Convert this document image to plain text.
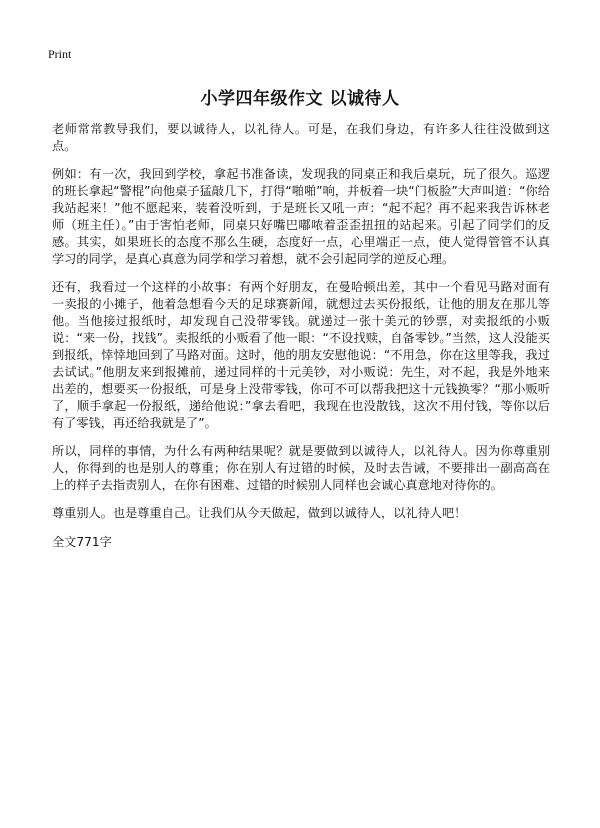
Print
小学四年级作文 以诚待人

老师常常教导我们，要以诚待人，以礼待人。可是，在我们身边，有许多人往往没做到这点。

例如：有一次，我回到学校，拿起书准备读，发现我的同桌正和我后桌玩，玩了很久。巡逻的班长拿起“警棍”向他桌子猛敲几下，打得“啪啪”响，并板着一块“门板脸”大声叫道：“你给我站起来！”他不愿起来，装着没听到，于是班长又吼一声：“起不起？再不起来我告诉林老师（班主任）。”由于害怕老师，同桌只好嘴巴嘟哝着歪歪扭扭的站起来。引起了同学们的反感。其实，如果班长的态度不那么生硬，态度好一点，心里端正一点，使人觉得管管不认真学习的同学，是真心真意为同学和学习着想，就不会引起同学的逆反心理。

还有，我看过一个这样的小故事：有两个好朋友，在曼哈顿出差，其中一个看见马路对面有一卖报的小摊子，他着急想看今天的足球赛新闻，就想过去买份报纸，让他的朋友在那儿等他。当他接过报纸时，却发现自己没带零钱。就递过一张十美元的钞票，对卖报纸的小贩说：“来一份，找钱”。卖报纸的小贩看了他一眼：“不设找赎，自备零钞。”当然，这人没能买到报纸，悻悻地回到了马路对面。这时，他的朋友安慰他说：“不用急，你在这里等我，我过去试试。”他朋友来到报摊前，递过同样的十元美钞，对小贩说：先生，对不起，我是外地来出差的，想要买一份报纸，可是身上没带零钱，你可不可以帮我把这十元钱换零？“那小贩听了，顺手拿起一份报纸，递给他说：”拿去看吧，我现在也没散钱，这次不用付钱，等你以后有了零钱，再还给我就是了”。

所以，同样的事情，为什么有两种结果呢？就是要做到以诚待人，以礼待人。因为你尊重别人，你得到的也是别人的尊重；你在别人有过错的时候，及时去告诫，不要排出一副高高在上的样子去指责别人，在你有困难、过错的时候别人同样也会诚心真意地对待你的。

尊重别人。也是尊重自己。让我们从今天做起，做到以诚待人，以礼待人吧！

全文771字
